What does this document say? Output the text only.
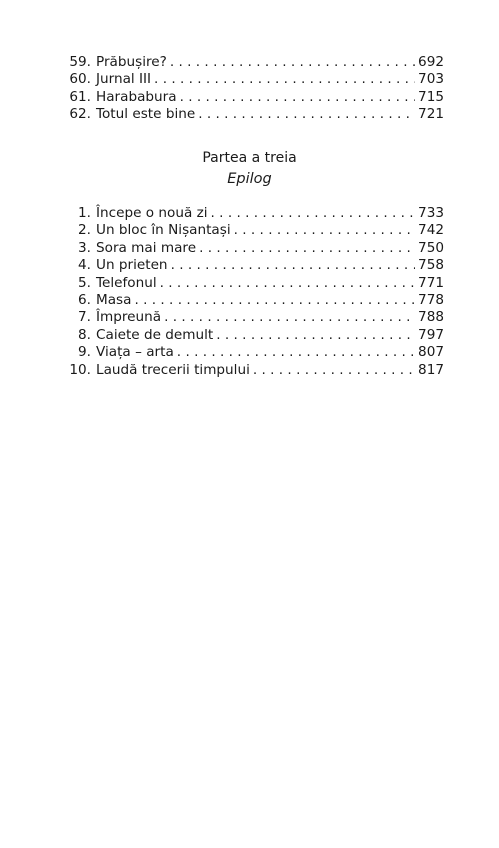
59. Prăbușire? . . .	692
60. Jurnal III . . .	703
61. Harababura . . .	715
62. Totul este bine . . .	721
Partea a treia
Epilog
1. Începe o nouă zi . . .	733
2. Un bloc în Nișantași . . .	742
3. Sora mai mare . . .	750
4. Un prieten . . .	758
5. Telefonul . . .	771
6. Masa . . .	778
7. Împreună . . .	788
8. Caiete de demult . . .	797
9. Viața – arta . . .	807
10. Laudă trecerii timpului . . .	817
